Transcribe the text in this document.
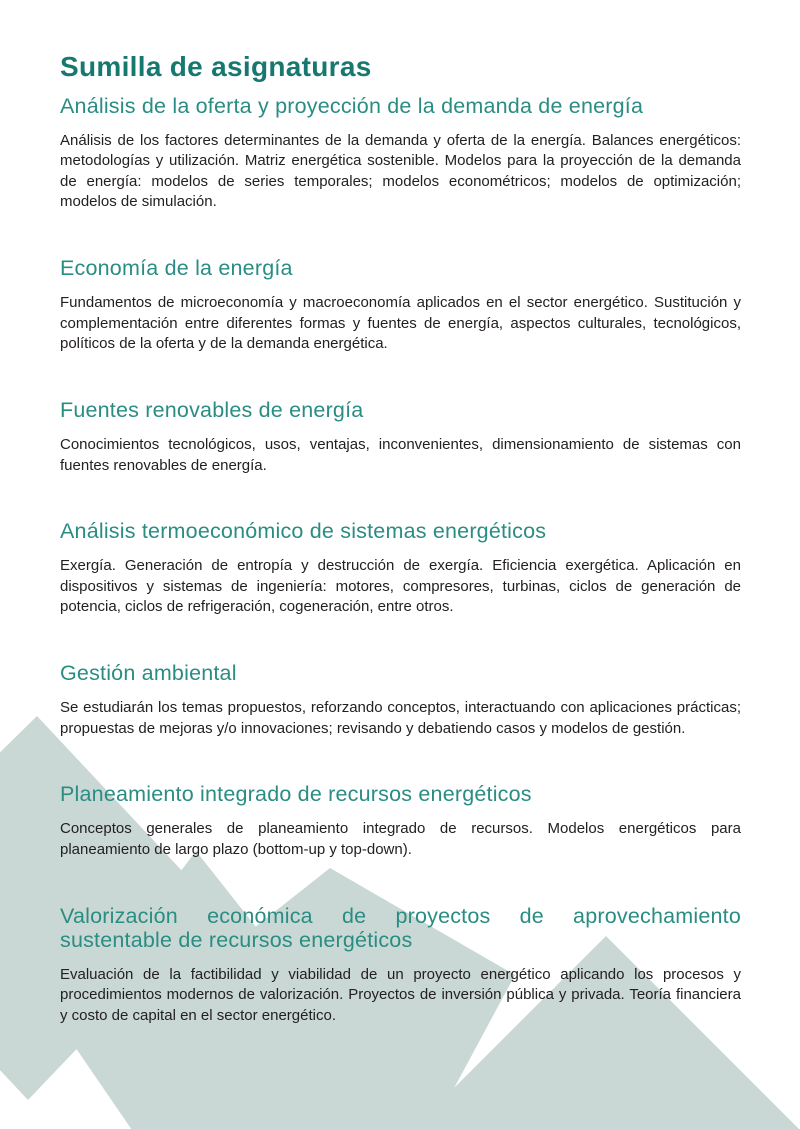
Sumilla de asignaturas
Análisis de la oferta y proyección de la demanda de energía

Análisis de los factores determinantes de la demanda y oferta de la energía. Balances energéticos: metodologías y utilización. Matriz energética sostenible. Modelos para la proyección de la demanda de energía: modelos de series temporales; modelos econométricos; modelos de optimización; modelos de simulación.

Economía de la energía

Fundamentos de microeconomía y macroeconomía aplicados en el sector energético. Sustitución y complementación entre diferentes formas y fuentes de energía, aspectos culturales, tecnológicos, políticos de la oferta y de la demanda energética.

Fuentes renovables de energía

Conocimientos tecnológicos, usos, ventajas, inconvenientes, dimensionamiento de sistemas con fuentes renovables de energía.

Análisis termoeconómico de sistemas energéticos

Exergía. Generación de entropía y destrucción de exergía. Eficiencia exergética. Aplicación en dispositivos y sistemas de ingeniería: motores, compresores, turbinas, ciclos de generación de potencia, ciclos de refrigeración, cogeneración, entre otros.

Gestión ambiental

Se estudiarán los temas propuestos, reforzando conceptos, interactuando con aplicaciones prácticas; propuestas de mejoras y/o innovaciones; revisando y debatiendo casos y modelos de gestión.

Planeamiento integrado de recursos energéticos

Conceptos generales de planeamiento integrado de recursos. Modelos energéticos para planeamiento de largo plazo (bottom-up y top-down).

Valorización económica de proyectos de aprovechamiento sustentable de recursos energéticos

Evaluación de la factibilidad y viabilidad de un proyecto energético aplicando los procesos y procedimientos modernos de valorización. Proyectos de inversión pública y privada. Teoría financiera y costo de capital en el sector energético.
